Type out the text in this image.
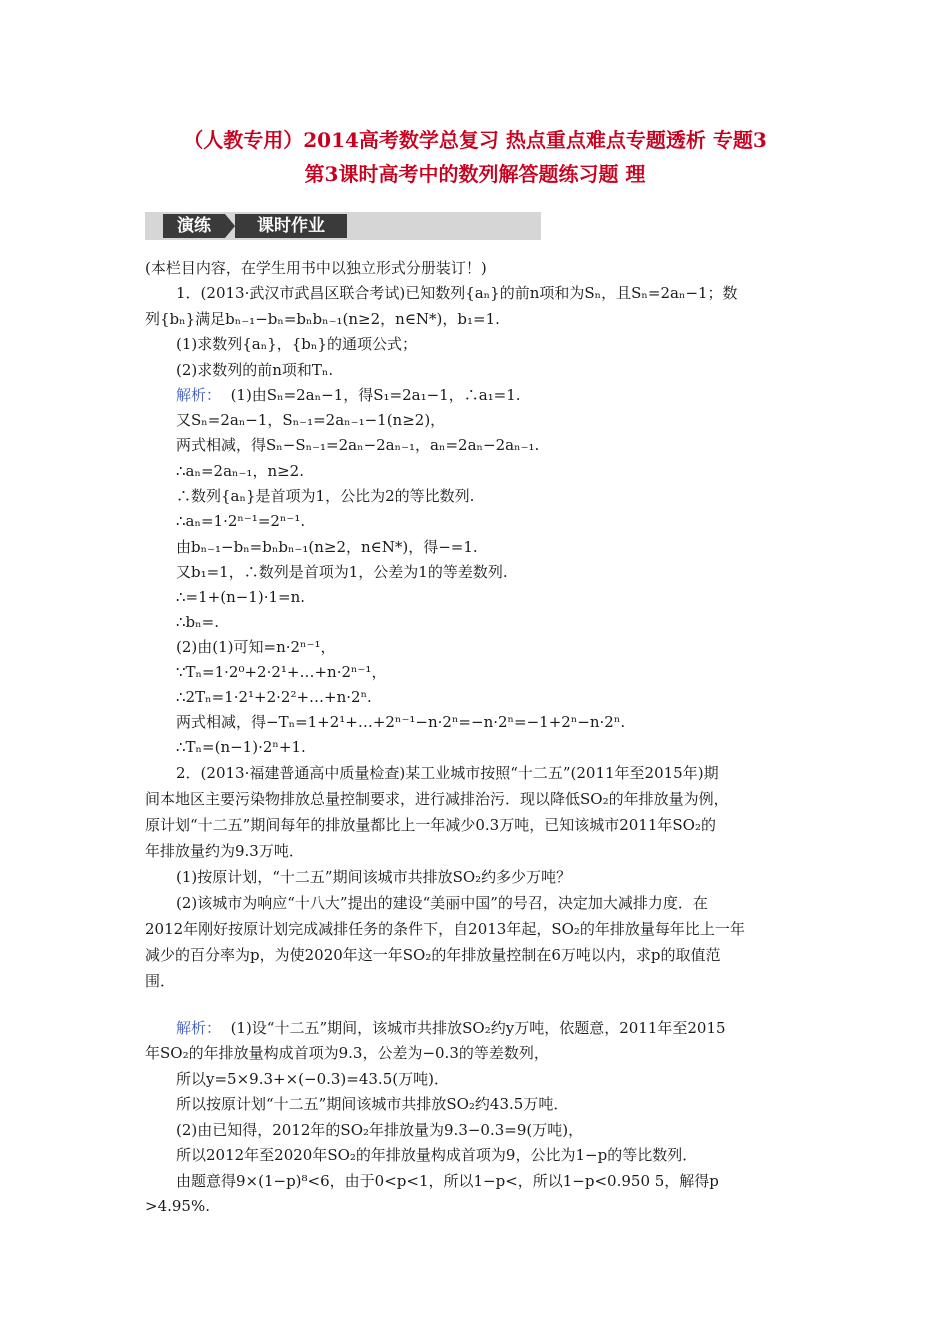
（人教专用）2014高考数学总复习 热点重点难点专题透析 专题3
第3课时高考中的数列解答题练习题 理
演练	课时作业
(本栏目内容，在学生用书中以独立形式分册装订！)
1．(2013·武汉市武昌区联合考试)已知数列{aₙ}的前n项和为Sₙ，且Sₙ=2aₙ−1；数
列{bₙ}满足bₙ₋₁−bₙ=bₙbₙ₋₁(n≥2，n∈N*)，b₁=1.
(1)求数列{aₙ}，{bₙ}的通项公式；
(2)求数列的前n项和Tₙ.
解析： (1)由Sₙ=2aₙ−1，得S₁=2a₁−1，∴a₁=1.
又Sₙ=2aₙ−1，Sₙ₋₁=2aₙ₋₁−1(n≥2)，
两式相减，得Sₙ−Sₙ₋₁=2aₙ−2aₙ₋₁，aₙ=2aₙ−2aₙ₋₁.
∴aₙ=2aₙ₋₁，n≥2.
∴数列{aₙ}是首项为1，公比为2的等比数列.
∴aₙ=1·2ⁿ⁻¹=2ⁿ⁻¹.
由bₙ₋₁−bₙ=bₙbₙ₋₁(n≥2，n∈N*)，得−=1.
又b₁=1，∴数列是首项为1，公差为1的等差数列.
∴=1+(n−1)·1=n.
∴bₙ=.
(2)由(1)可知=n·2ⁿ⁻¹，
∵Tₙ=1·2⁰+2·2¹+…+n·2ⁿ⁻¹，
∴2Tₙ=1·2¹+2·2²+…+n·2ⁿ.
两式相减，得−Tₙ=1+2¹+…+2ⁿ⁻¹−n·2ⁿ=−n·2ⁿ=−1+2ⁿ−n·2ⁿ.
∴Tₙ=(n−1)·2ⁿ+1.
2．(2013·福建普通高中质量检查)某工业城市按照“十二五”(2011年至2015年)期
间本地区主要污染物排放总量控制要求，进行减排治污．现以降低SO₂的年排放量为例，
原计划“十二五”期间每年的排放量都比上一年减少0.3万吨，已知该城市2011年SO₂的
年排放量约为9.3万吨．
(1)按原计划，“十二五”期间该城市共排放SO₂约多少万吨？
(2)该城市为响应“十八大”提出的建设“美丽中国”的号召，决定加大减排力度．在
2012年刚好按原计划完成减排任务的条件下，自2013年起，SO₂的年排放量每年比上一年
减少的百分率为p，为使2020年这一年SO₂的年排放量控制在6万吨以内，求p的取值范
围．
解析： (1)设“十二五”期间，该城市共排放SO₂约y万吨，依题意，2011年至2015
年SO₂的年排放量构成首项为9.3，公差为−0.3的等差数列，
所以y=5×9.3+×(−0.3)=43.5(万吨)．
所以按原计划“十二五”期间该城市共排放SO₂约43.5万吨．
(2)由已知得，2012年的SO₂年排放量为9.3−0.3=9(万吨)，
所以2012年至2020年SO₂的年排放量构成首项为9，公比为1−p的等比数列．
由题意得9×(1−p)⁸<6，由于0<p<1，所以1−p<，所以1−p<0.950 5，解得p
>4.95%.
